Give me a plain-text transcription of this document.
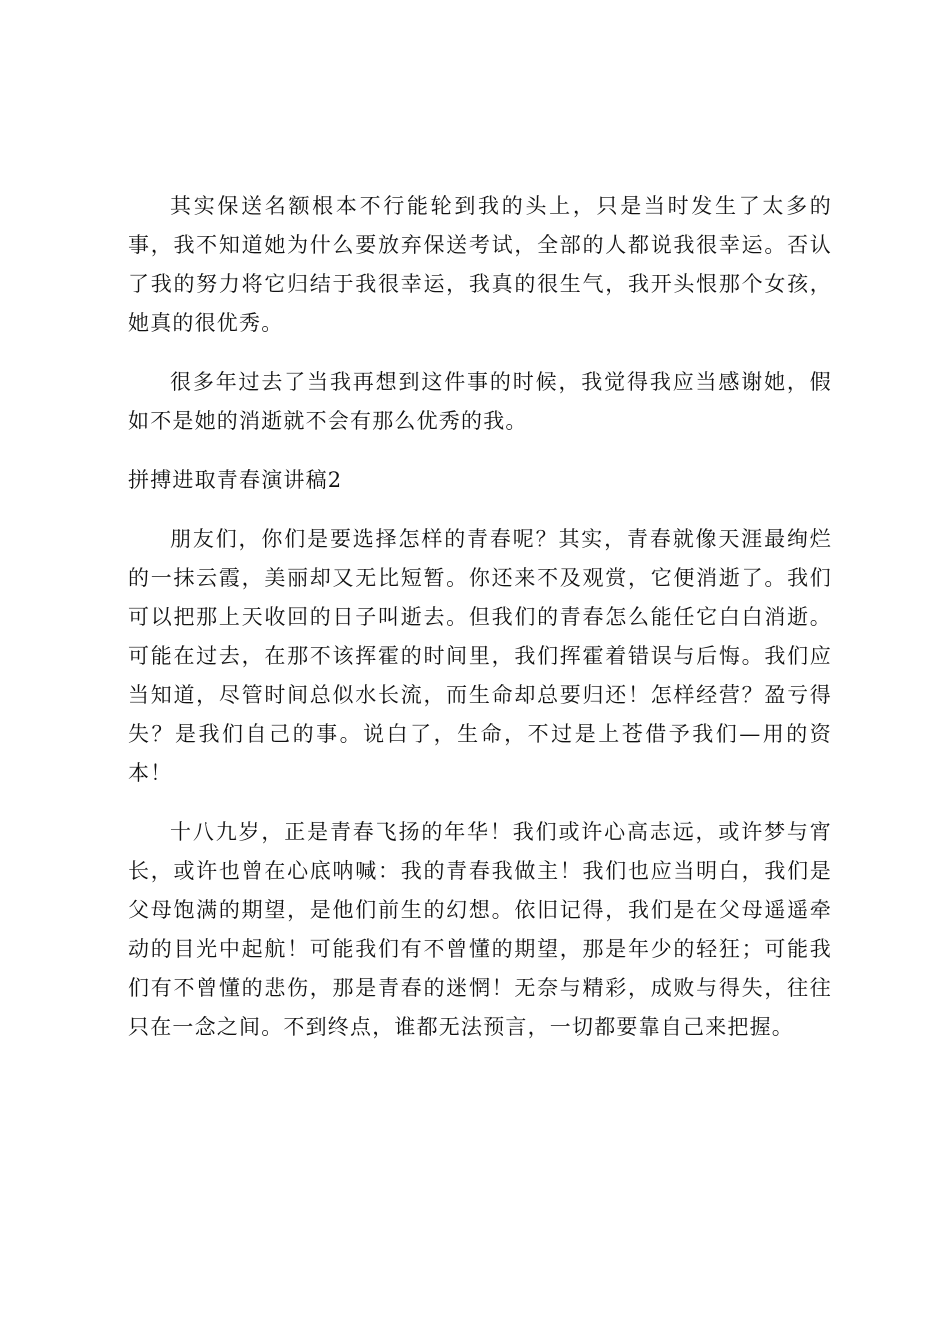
其实保送名额根本不行能轮到我的头上，只是当时发生了太多的事，我不知道她为什么要放弃保送考试，全部的人都说我很幸运。否认了我的努力将它归结于我很幸运，我真的很生气，我开头恨那个女孩，她真的很优秀。

很多年过去了当我再想到这件事的时候，我觉得我应当感谢她，假如不是她的消逝就不会有那么优秀的我。

拼搏进取青春演讲稿2

朋友们，你们是要选择怎样的青春呢？其实，青春就像天涯最绚烂的一抹云霞，美丽却又无比短暂。你还来不及观赏，它便消逝了。我们可以把那上天收回的日子叫逝去。但我们的青春怎么能任它白白消逝。可能在过去，在那不该挥霍的时间里，我们挥霍着错误与后悔。我们应当知道，尽管时间总似水长流，而生命却总要归还！怎样经营？盈亏得失？是我们自己的事。说白了，生命，不过是上苍借予我们—用的资本！

十八九岁，正是青春飞扬的年华！我们或许心高志远，或许梦与宵长，或许也曾在心底呐喊：我的青春我做主！我们也应当明白，我们是父母饱满的期望，是他们前生的幻想。依旧记得，我们是在父母遥遥牵动的目光中起航！可能我们有不曾懂的期望，那是年少的轻狂；可能我们有不曾懂的悲伤，那是青春的迷惘！无奈与精彩，成败与得失，往往只在一念之间。不到终点，谁都无法预言，一切都要靠自己来把握。
